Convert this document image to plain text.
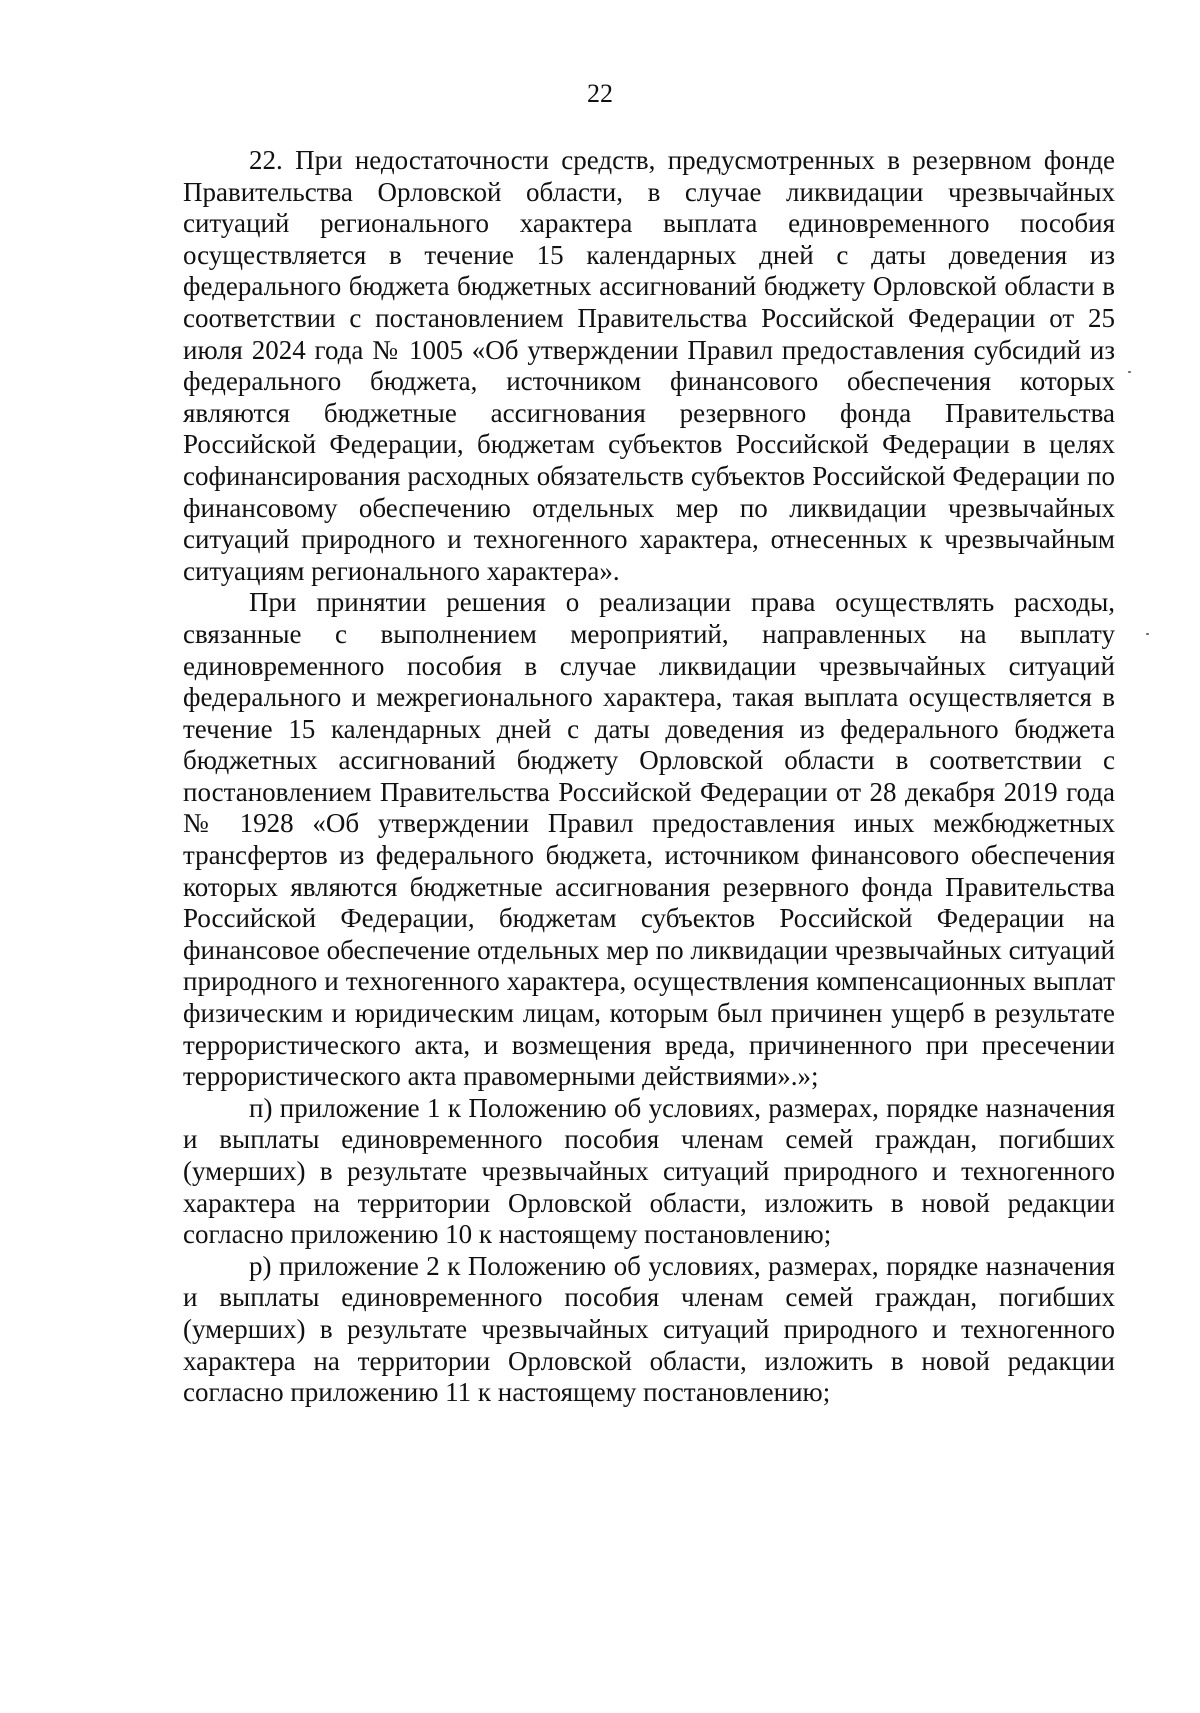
22

22. При недостаточности средств, предусмотренных в резервном фонде Правительства Орловской области, в случае ликвидации чрезвычайных ситуаций регионального характера выплата единовременного пособия осуществляется в течение 15 календарных дней с даты доведения из федерального бюджета бюджетных ассигнований бюджету Орловской области в соответствии с постановлением Правительства Российской Федерации от 25 июля 2024 года № 1005 «Об утверждении Правил предоставления субсидий из федерального бюджета, источником финансового обеспечения которых являются бюджетные ассигнования резервного фонда Правительства Российской Федерации, бюджетам субъектов Российской Федерации в целях софинансирования расходных обязательств субъектов Российской Федерации по финансовому обеспечению отдельных мер по ликвидации чрезвычайных ситуаций природного и техногенного характера, отнесенных к чрезвычайным ситуациям регионального характера».

При принятии решения о реализации права осуществлять расходы, связанные с выполнением мероприятий, направленных на выплату единовременного пособия в случае ликвидации чрезвычайных ситуаций федерального и межрегионального характера, такая выплата осуществляется в течение 15 календарных дней с даты доведения из федерального бюджета бюджетных ассигнований бюджету Орловской области в соответствии с постановлением Правительства Российской Федерации от 28 декабря 2019 года № 1928 «Об утверждении Правил предоставления иных межбюджетных трансфертов из федерального бюджета, источником финансового обеспечения которых являются бюджетные ассигнования резервного фонда Правительства Российской Федерации, бюджетам субъектов Российской Федерации на финансовое обеспечение отдельных мер по ликвидации чрезвычайных ситуаций природного и техногенного характера, осуществления компенсационных выплат физическим и юридическим лицам, которым был причинен ущерб в результате террористического акта, и возмещения вреда, причиненного при пресечении террористического акта правомерными действиями».»;

п) приложение 1 к Положению об условиях, размерах, порядке назначения и выплаты единовременного пособия членам семей граждан, погибших (умерших) в результате чрезвычайных ситуаций природного и техногенного характера на территории Орловской области, изложить в новой редакции согласно приложению 10 к настоящему постановлению;

р) приложение 2 к Положению об условиях, размерах, порядке назначения и выплаты единовременного пособия членам семей граждан, погибших (умерших) в результате чрезвычайных ситуаций природного и техногенного характера на территории Орловской области, изложить в новой редакции согласно приложению 11 к настоящему постановлению;
